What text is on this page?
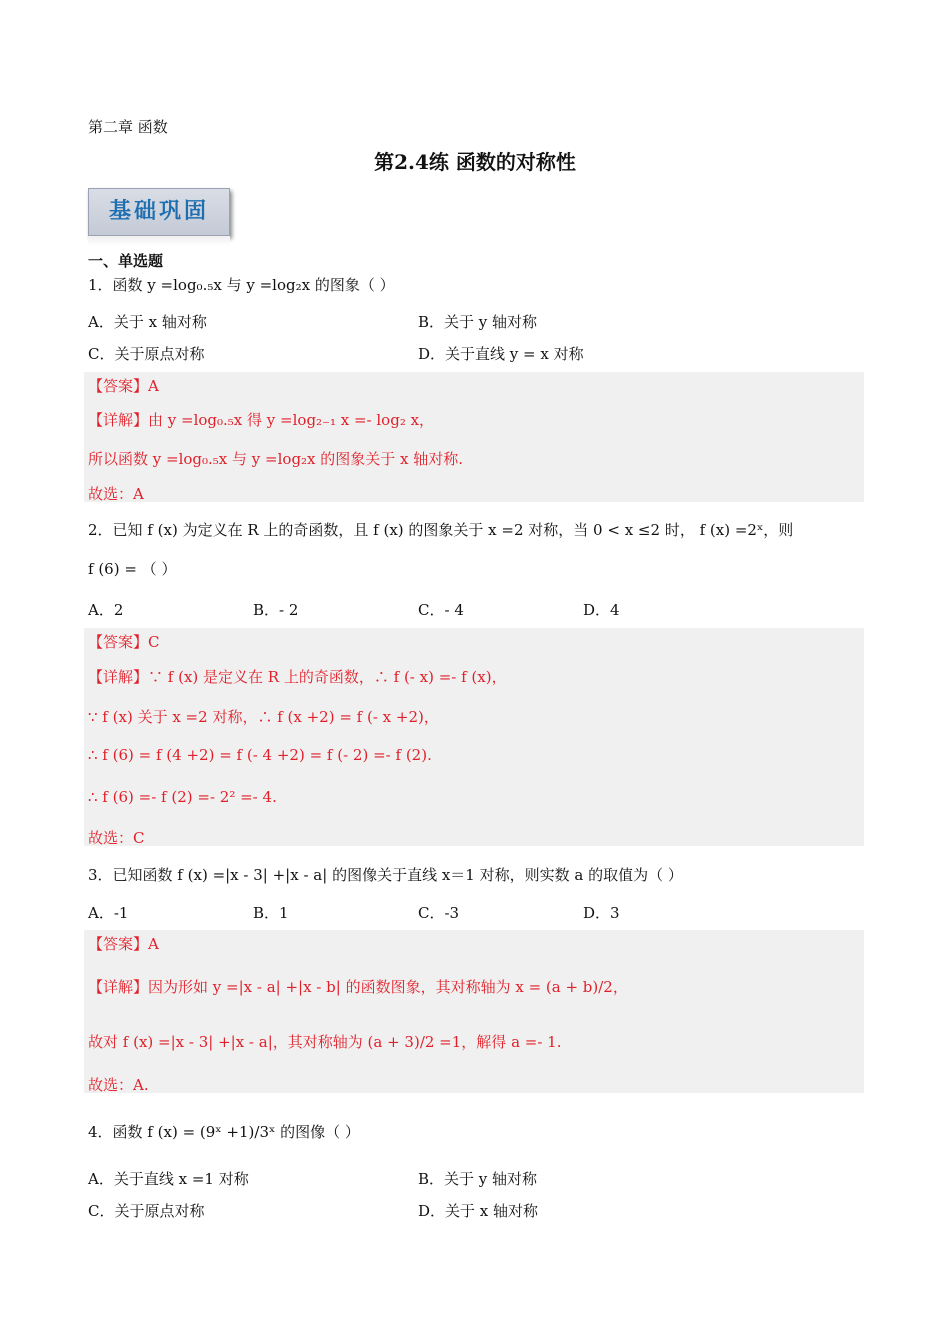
第二章 函数
第2.4练 函数的对称性
基础巩固
一、单选题
1．函数 y =log₀.₅x 与 y =log₂x 的图象（ ）
A．关于 x 轴对称	B．关于 y 轴对称
C．关于原点对称	D．关于直线 y = x 对称
【答案】A
【详解】由 y =log₀.₅x 得 y =log₂₋₁ x =- log₂ x，
所以函数 y =log₀.₅x 与 y =log₂x 的图象关于 x 轴对称.
故选：A
2．已知 f (x) 为定义在 R 上的奇函数，且 f (x) 的图象关于 x =2 对称，当 0 < x ≤2 时， f (x) =2ˣ，则
f (6) = （ ）
A．2	B．- 2	C．- 4	D．4
【答案】C
【详解】∵ f (x) 是定义在 R 上的奇函数，∴ f (- x) =- f (x)，
∵ f (x) 关于 x =2 对称，∴ f (x +2) = f (- x +2)，
∴ f (6) = f (4 +2) = f (- 4 +2) = f (- 2) =- f (2).
∴ f (6) =- f (2) =- 2² =- 4.
故选：C
3．已知函数 f (x) =|x - 3| +|x - a| 的图像关于直线 x＝1 对称，则实数 a 的取值为（ ）
A．-1	B．1	C．-3	D．3
【答案】A
【详解】因为形如 y =|x - a| +|x - b| 的函数图象，其对称轴为 x = (a + b)/2，
故对 f (x) =|x - 3| +|x - a|，其对称轴为 (a + 3)/2 =1，解得 a =- 1.
故选：A.
4．函数 f (x) = (9ˣ +1)/3ˣ 的图像（ ）
A．关于直线 x =1 对称	B．关于 y 轴对称
C．关于原点对称	D．关于 x 轴对称
